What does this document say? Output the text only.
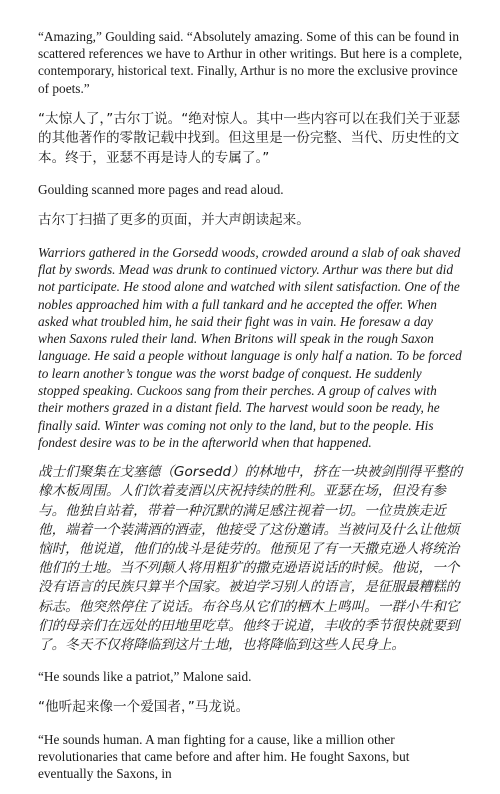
“Amazing,” Goulding said. “Absolutely amazing. Some of this can be found in scattered references we have to Arthur in other writings. But here is a complete, contemporary, historical text. Finally, Arthur is no more the exclusive province of poets.”

“太惊人了，”古尔丁说。“绝对惊人。其中一些内容可以在我们关于亚瑟的其他著作的零散记载中找到。但这里是一份完整、当代、历史性的文本。终于，亚瑟不再是诗人的专属了。”

Goulding scanned more pages and read aloud.

古尔丁扫描了更多的页面，并大声朗读起来。

Warriors gathered in the Gorsedd woods, crowded around a slab of oak shaved flat by swords. Mead was drunk to continued victory. Arthur was there but did not participate. He stood alone and watched with silent satisfaction. One of the nobles approached him with a full tankard and he accepted the offer. When asked what troubled him, he said their fight was in vain. He foresaw a day when Saxons ruled their land. When Britons will speak in the rough Saxon language. He said a people without language is only half a nation. To be forced to learn another’s tongue was the worst badge of conquest. He suddenly stopped speaking. Cuckoos sang from their perches. A group of calves with their mothers grazed in a distant field. The harvest would soon be ready, he finally said. Winter was coming not only to the land, but to the people. His fondest desire was to be in the afterworld when that happened.

战士们聚集在戈塞德（Gorsedd）的林地中，挤在一块被剑削得平整的橡木板周围。人们饮着麦酒以庆祝持续的胜利。亚瑟在场，但没有参与。他独自站着，带着一种沉默的满足感注视着一切。一位贵族走近他，端着一个装满酒的酒壶，他接受了这份邀请。当被问及什么让他烦恼时，他说道，他们的战斗是徒劳的。他预见了有一天撒克逊人将统治他们的土地。当不列颠人将用粗犷的撒克逊语说话的时候。他说，一个没有语言的民族只算半个国家。被迫学习别人的语言，是征服最糟糕的标志。他突然停住了说话。布谷鸟从它们的栖木上鸣叫。一群小牛和它们的母亲们在远处的田地里吃草。他终于说道，丰收的季节很快就要到了。冬天不仅将降临到这片土地，也将降临到这些人民身上。

“He sounds like a patriot,” Malone said.

“他听起来像一个爱国者，”马龙说。

“He sounds human. A man fighting for a cause, like a million other revolutionaries that came before and after him. He fought Saxons, but eventually the Saxons, in
